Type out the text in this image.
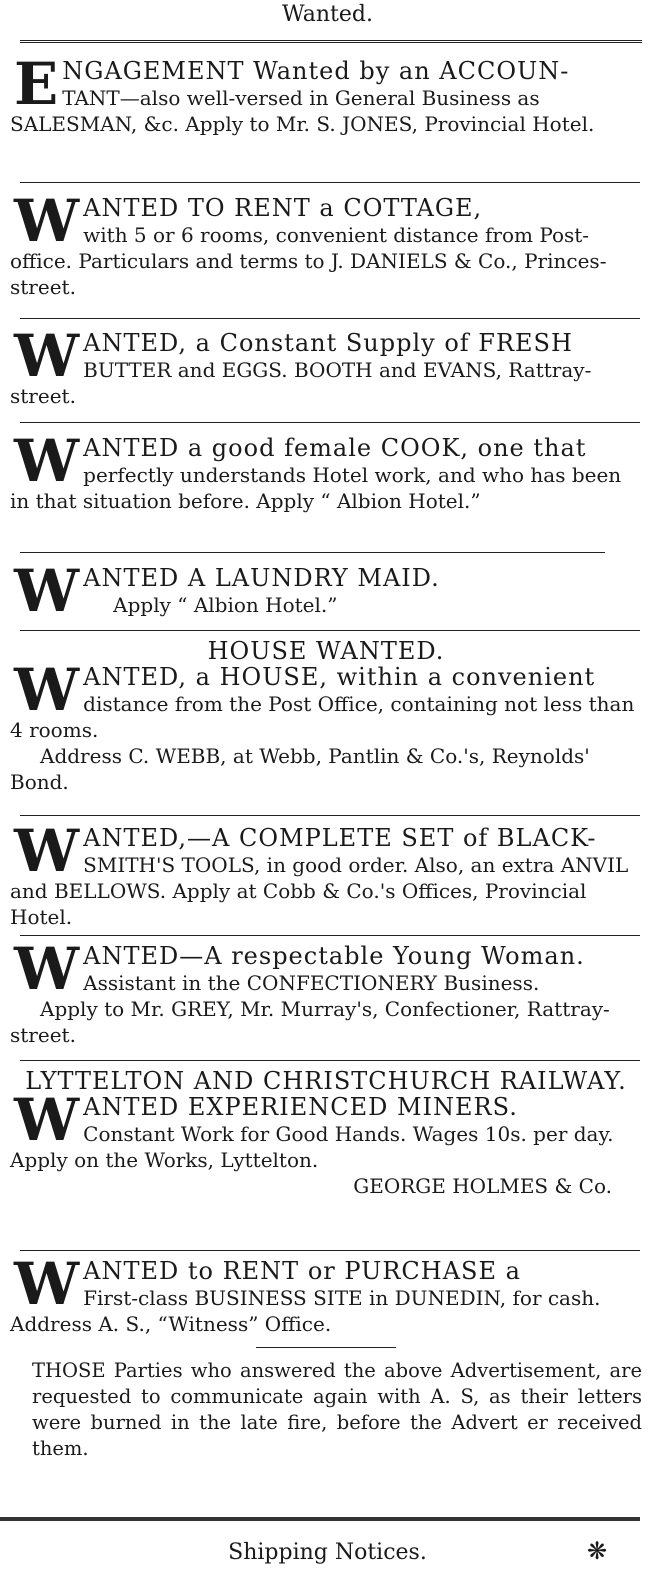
Wanted.
E NGAGEMENT Wanted by an ACCOUN-
TANT—also well-versed in General Business as SALESMAN, &c. Apply to Mr. S. JONES, Provincial Hotel.
W ANTED TO RENT a COTTAGE,
with 5 or 6 rooms, convenient distance from Post-office. Particulars and terms to J. DANIELS & Co., Princes-street.
W ANTED, a Constant Supply of FRESH
BUTTER and EGGS. BOOTH and EVANS, Rattray-street.
W ANTED a good female COOK, one that
perfectly understands Hotel work, and who has been in that situation before. Apply “ Albion Hotel.”
W ANTED A LAUNDRY MAID.
Apply “ Albion Hotel.”
HOUSE WANTED.
W ANTED, a HOUSE, within a convenient
distance from the Post Office, containing not less than 4 rooms.
Address C. WEBB, at Webb, Pantlin & Co.'s, Reynolds' Bond.
W ANTED,—A COMPLETE SET of BLACK-
SMITH'S TOOLS, in good order. Also, an extra ANVIL and BELLOWS. Apply at Cobb & Co.'s Offices, Provincial Hotel.
W ANTED—A respectable Young Woman.
Assistant in the CONFECTIONERY Business.
Apply to Mr. GREY, Mr. Murray's, Confectioner, Rattray-street.
LYTTELTON AND CHRISTCHURCH RAILWAY.
W ANTED EXPERIENCED MINERS.
Constant Work for Good Hands. Wages 10s. per day. Apply on the Works, Lyttelton.
GEORGE HOLMES & Co.
W ANTED to RENT or PURCHASE a
First-class BUSINESS SITE in DUNEDIN, for cash. Address A. S., “Witness” Office.
THOSE Parties who answered the above Advertisement, are requested to communicate again with A. S, as their letters were burned in the late fire, before the Advert er received them.
Shipping Notices.	❋
